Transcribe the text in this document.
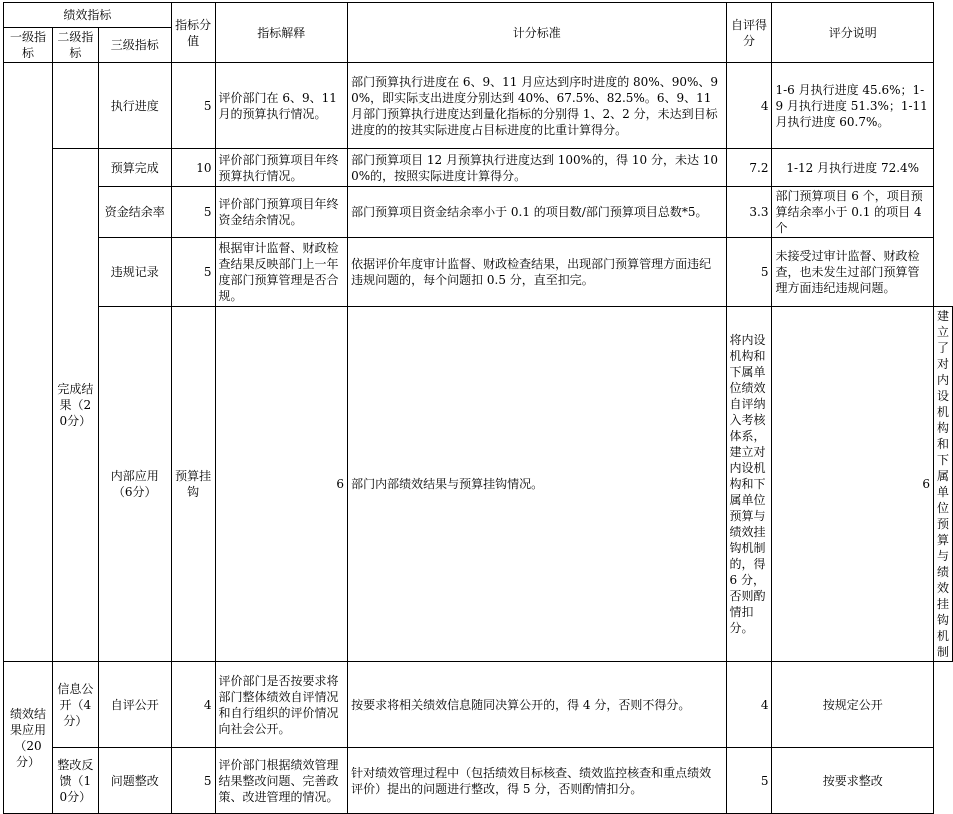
绩效指标			指标分值	指标解释	计分标准	自评得分	评分说明	
一级指标	二级指标	三级指标						
		执行进度	5	评价部门在 6、9、11 月的预算执行情况。	部门预算执行进度在 6、9、11 月应达到序时进度的 80%、90%、90%，即实际支出进度分别达到 40%、67.5%、82.5%。6、9、11 月部门预算执行进度达到量化指标的分别得 1、2、2 分，未达到目标进度的的按其实际进度占目标进度的比重计算得分。	4	1-6 月执行进度 45.6%；1-9 月执行进度 51.3%；1-11 月执行进度 60.7%。	
	完成结果（20分）	预算完成	10	评价部门预算项目年终预算执行情况。	部门预算项目 12 月预算执行进度达到 100%的，得 10 分，未达 100%的，按照实际进度计算得分。	7.2	1-12 月执行进度 72.4%	
		资金结余率	5	评价部门预算项目年终资金结余情况。	部门预算项目资金结余率小于 0.1 的项目数/部门预算项目总数*5。	3.3	部门预算项目 6 个，项目预算结余率小于 0.1 的项目 4 个	
		违规记录	5	根据审计监督、财政检查结果反映部门上一年度部门预算管理是否合规。	依据评价年度审计监督、财政检查结果，出现部门预算管理方面违纪违规问题的，每个问题扣 0.5 分，直至扣完。	5	未接受过审计监督、财政检查，也未发生过部门预算管理方面违纪违规问题。	
		内部应用（6分）	预算挂钩	6	部门内部绩效结果与预算挂钩情况。	将内设机构和下属单位绩效自评纳入考核体系，建立对内设机构和下属单位预算与绩效挂钩机制的，得 6 分，否则酌情扣分。	6	建立了对内设机构和下属单位预算与绩效挂钩机制
绩效结果应用（20分）	信息公开（4分）	自评公开	4	评价部门是否按要求将部门整体绩效自评情况和自行组织的评价情况向社会公开。	按要求将相关绩效信息随同决算公开的，得 4 分，否则不得分。	4	按规定公开	
	整改反馈（10分）	问题整改	5	评价部门根据绩效管理结果整改问题、完善政策、改进管理的情况。	针对绩效管理过程中（包括绩效目标核查、绩效监控核查和重点绩效评价）提出的问题进行整改，得 5 分，否则酌情扣分。	5	按要求整改	
